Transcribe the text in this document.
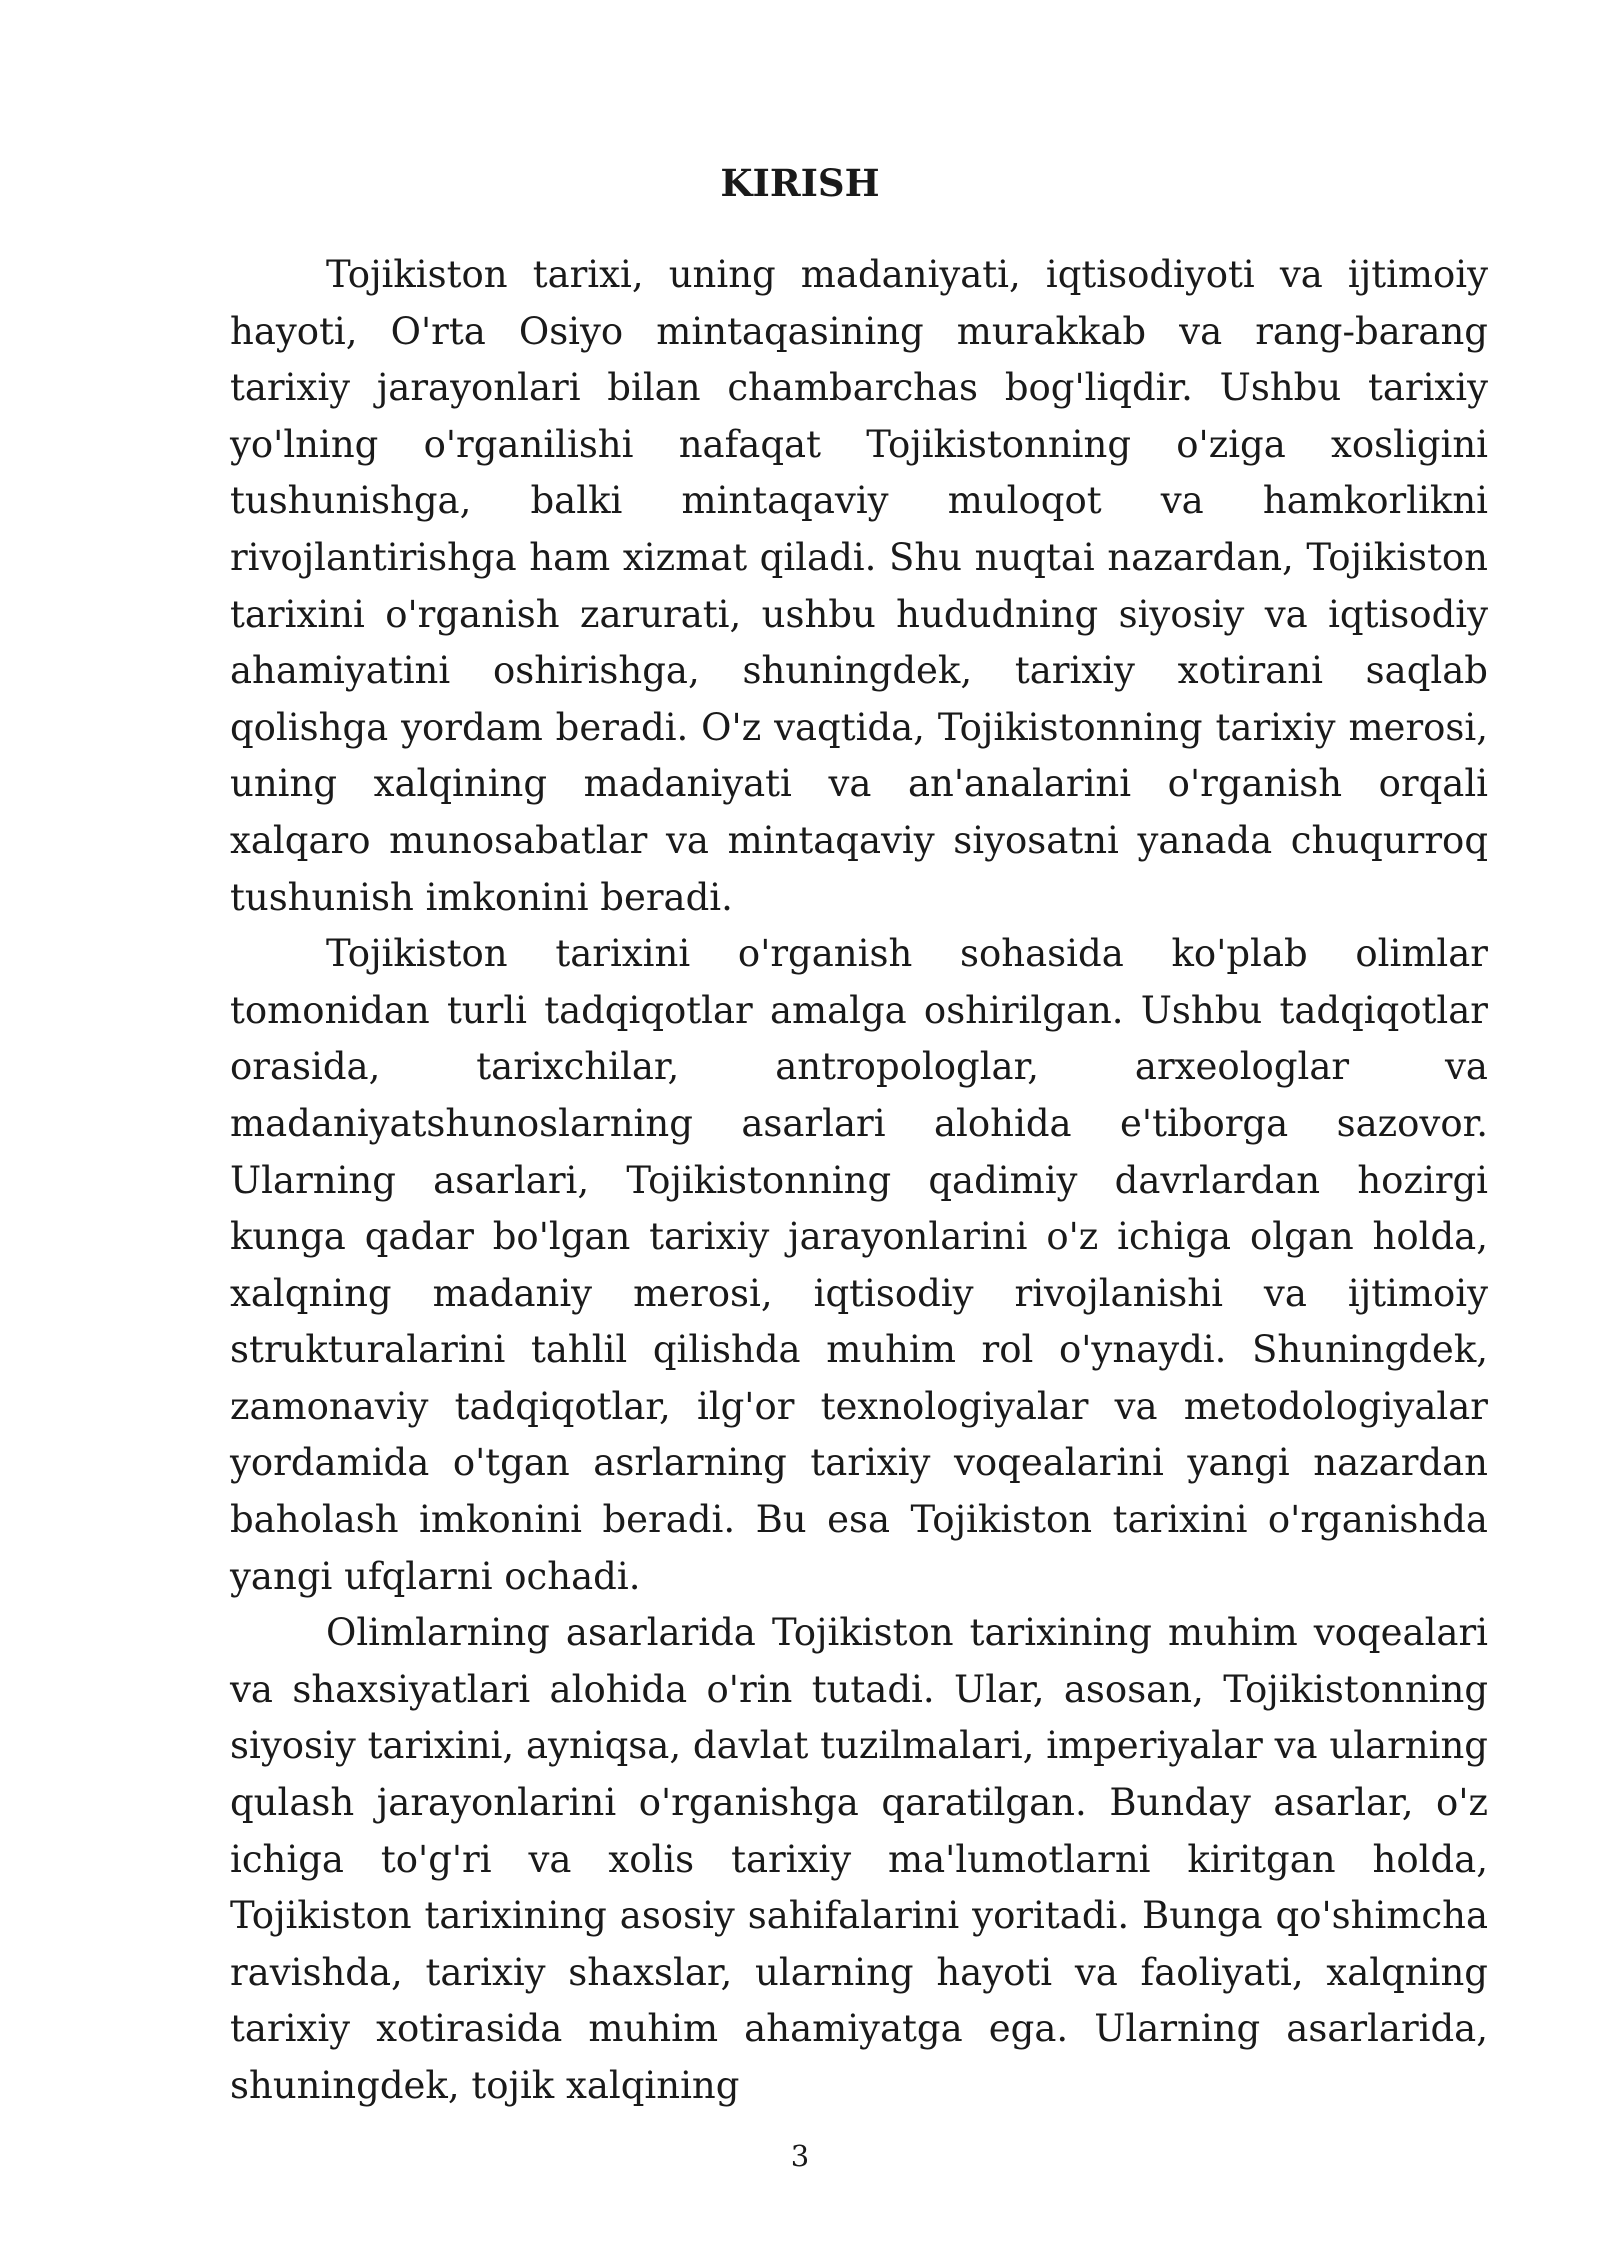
KIRISH

Tojikiston tarixi, uning madaniyati, iqtisodiyoti va ijtimoiy hayoti, O'rta Osiyo mintaqasining murakkab va rang-barang tarixiy jarayonlari bilan chambarchas bog'liqdir. Ushbu tarixiy yo'lning o'rganilishi nafaqat Tojikistonning o'ziga xosligini tushunishga, balki mintaqaviy muloqot va hamkorlikni rivojlantirishga ham xizmat qiladi. Shu nuqtai nazardan, Tojikiston tarixini o'rganish zarurati, ushbu hududning siyosiy va iqtisodiy ahamiyatini oshirishga, shuningdek, tarixiy xotirani saqlab qolishga yordam beradi. O'z vaqtida, Tojikistonning tarixiy merosi, uning xalqining madaniyati va an'analarini o'rganish orqali xalqaro munosabatlar va mintaqaviy siyosatni yanada chuqurroq tushunish imkonini beradi.

Tojikiston tarixini o'rganish sohasida ko'plab olimlar tomonidan turli tadqiqotlar amalga oshirilgan. Ushbu tadqiqotlar orasida, tarixchilar, antropologlar, arxeologlar va madaniyatshunoslarning asarlari alohida e'tiborga sazovor. Ularning asarlari, Tojikistonning qadimiy davrlardan hozirgi kunga qadar bo'lgan tarixiy jarayonlarini o'z ichiga olgan holda, xalqning madaniy merosi, iqtisodiy rivojlanishi va ijtimoiy strukturalarini tahlil qilishda muhim rol o'ynaydi. Shuningdek, zamonaviy tadqiqotlar, ilg'or texnologiyalar va metodologiyalar yordamida o'tgan asrlarning tarixiy voqealarini yangi nazardan baholash imkonini beradi. Bu esa Tojikiston tarixini o'rganishda yangi ufqlarni ochadi.

Olimlarning asarlarida Tojikiston tarixining muhim voqealari va shaxsiyatlari alohida o'rin tutadi. Ular, asosan, Tojikistonning siyosiy tarixini, ayniqsa, davlat tuzilmalari, imperiyalar va ularning qulash jarayonlarini o'rganishga qaratilgan. Bunday asarlar, o'z ichiga to'g'ri va xolis tarixiy ma'lumotlarni kiritgan holda, Tojikiston tarixining asosiy sahifalarini yoritadi. Bunga qo'shimcha ravishda, tarixiy shaxslar, ularning hayoti va faoliyati, xalqning tarixiy xotirasida muhim ahamiyatga ega. Ularning asarlarida, shuningdek, tojik xalqining

3
